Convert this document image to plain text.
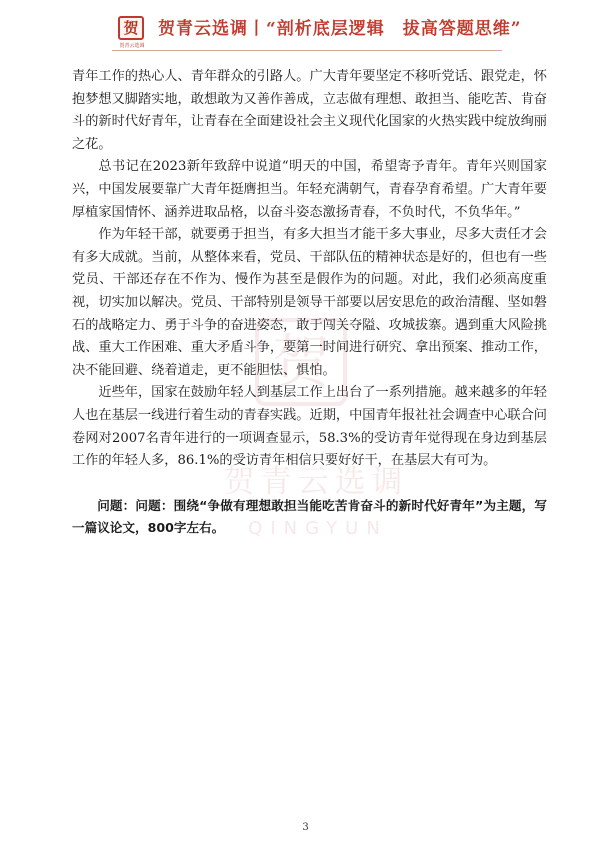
贺
贺青云选调
贺青云选调丨“剖析底层逻辑　拔高答题思维”
贺
贺青云选调
QINGYUN

青年工作的热心人、青年群众的引路人。广大青年要坚定不移听党话、跟党走，怀抱梦想又脚踏实地，敢想敢为又善作善成，立志做有理想、敢担当、能吃苦、肯奋斗的新时代好青年，让青春在全面建设社会主义现代化国家的火热实践中绽放绚丽之花。

总书记在2023新年致辞中说道“明天的中国，希望寄予青年。青年兴则国家兴，中国发展要靠广大青年挺膺担当。年轻充满朝气，青春孕育希望。广大青年要厚植家国情怀、涵养进取品格，以奋斗姿态激扬青春，不负时代，不负华年。”

作为年轻干部，就要勇于担当，有多大担当才能干多大事业，尽多大责任才会有多大成就。当前，从整体来看，党员、干部队伍的精神状态是好的，但也有一些党员、干部还存在不作为、慢作为甚至是假作为的问题。对此，我们必须高度重视，切实加以解决。党员、干部特别是领导干部要以居安思危的政治清醒、坚如磐石的战略定力、勇于斗争的奋进姿态，敢于闯关夺隘、攻城拔寨。遇到重大风险挑战、重大工作困难、重大矛盾斗争，要第一时间进行研究、拿出预案、推动工作，决不能回避、绕着道走，更不能胆怯、惧怕。

近些年，国家在鼓励年轻人到基层工作上出台了一系列措施。越来越多的年轻人也在基层一线进行着生动的青春实践。近期，中国青年报社社会调查中心联合问卷网对2007名青年进行的一项调查显示，58.3%的受访青年觉得现在身边到基层工作的年轻人多，86.1%的受访青年相信只要好好干，在基层大有可为。

问题：问题：围绕“争做有理想敢担当能吃苦肯奋斗的新时代好青年”为主题，写一篇议论文，800字左右。

3
